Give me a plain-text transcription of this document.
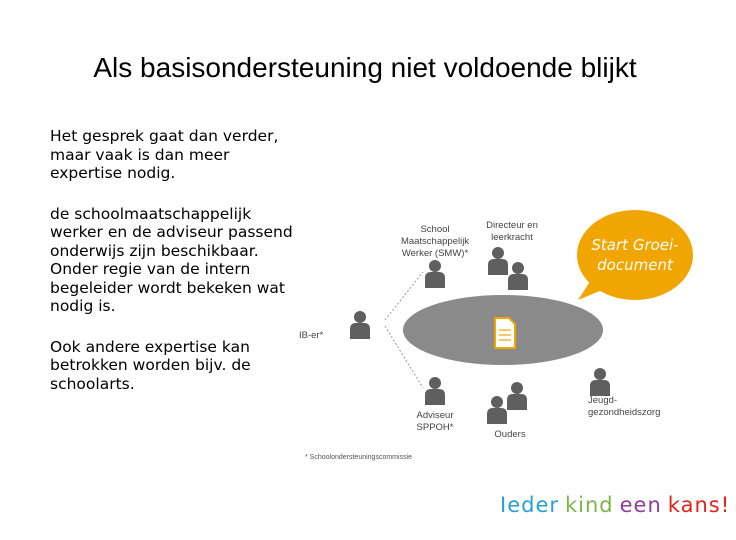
Als basisondersteuning niet voldoende blijkt

Het gesprek gaat dan verder,
maar vaak is dan meer
expertise nodig.

de schoolmaatschappelijk
werker en de adviseur passend
onderwijs zijn beschikbaar.
Onder regie van de intern
begeleider wordt bekeken wat
nodig is.

Ook andere expertise kan
betrokken worden bijv. de
schoolarts.

School
Maatschappelijk
Werker (SMW)*
Directeur en
leerkracht
IB-er*
Jeugd-
gezondheidszorg
Adviseur
SPPOH*
Ouders
* Schoolondersteuningscommissie
Start Groei-
document
Ieder kind een kans!
